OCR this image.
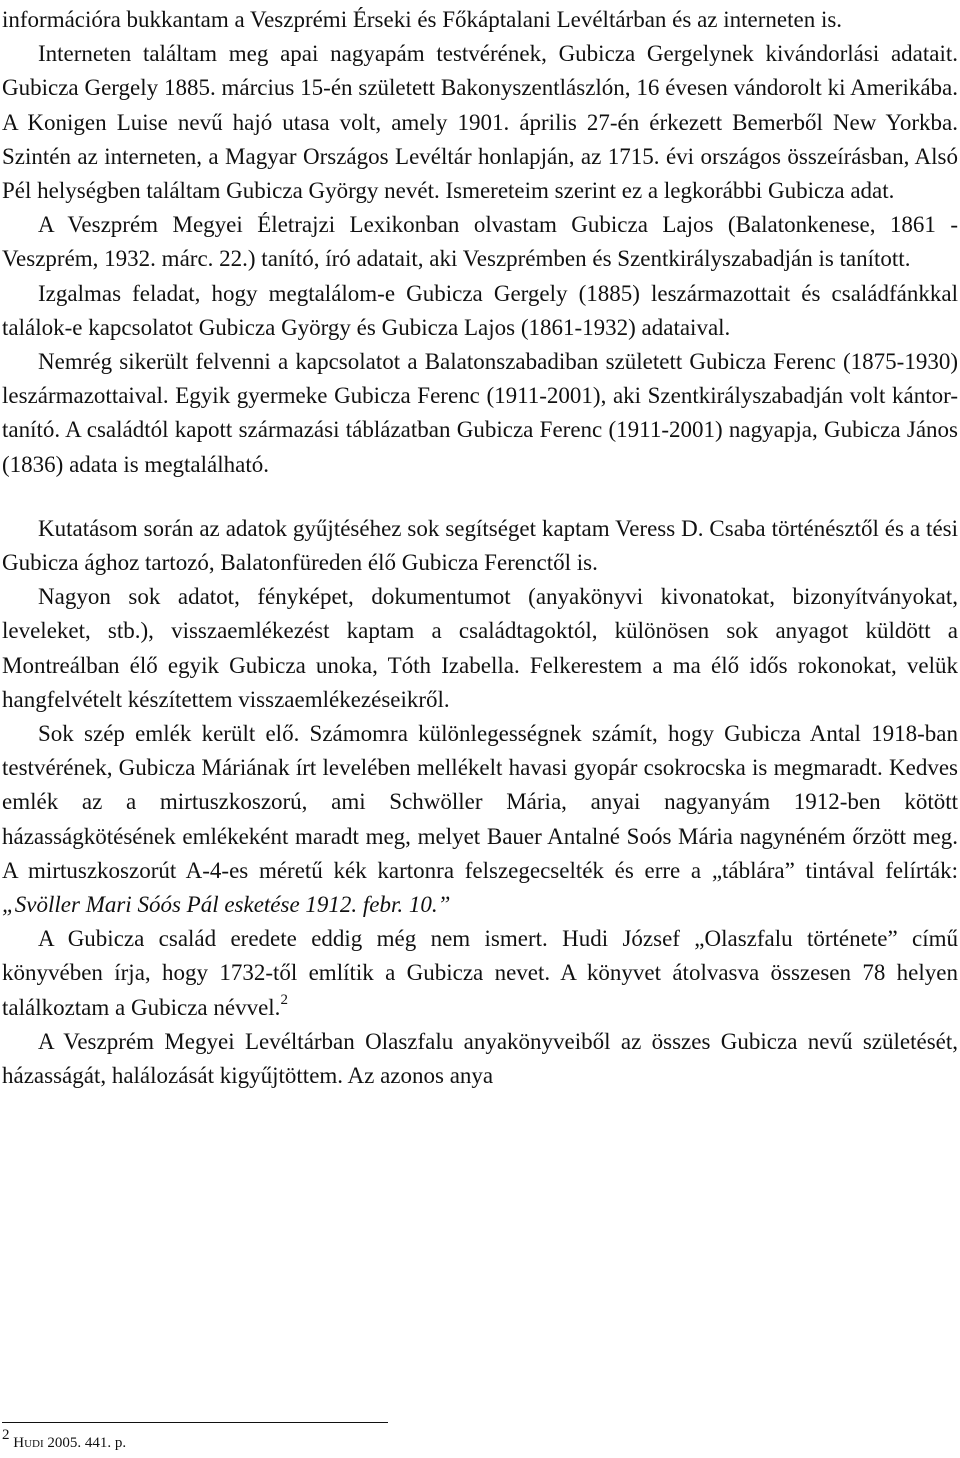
információra bukkantam a Veszprémi Érseki és Főkáptalani Levéltárban és az interneten is.

Interneten találtam meg apai nagyapám testvérének, Gubicza Gergelynek kivándorlási adatait. Gubicza Gergely 1885. március 15-én született Bakonyszentlászlón, 16 évesen vándorolt ki Amerikába. A Konigen Luise nevű hajó utasa volt, amely 1901. április 27-én érkezett Bemerből New Yorkba. Szintén az interneten, a Magyar Országos Levéltár honlapján, az 1715. évi országos összeírásban, Alsó Pél helységben találtam Gubicza György nevét. Ismereteim szerint ez a legkorábbi Gubicza adat.

A Veszprém Megyei Életrajzi Lexikonban olvastam Gubicza Lajos (Balatonkenese, 1861 - Veszprém, 1932. márc. 22.) tanító, író adatait, aki Veszprémben és Szentkirályszabadján is tanított.

Izgalmas feladat, hogy megtalálom-e Gubicza Gergely (1885) leszármazottait és családfánkkal találok-e kapcsolatot Gubicza György és Gubicza Lajos (1861-1932) adataival.

Nemrég sikerült felvenni a kapcsolatot a Balatonszabadiban született Gubicza Ferenc (1875-1930) leszármazottaival. Egyik gyermeke Gubicza Ferenc (1911-2001), aki Szentkirályszabadján volt kántor-tanító. A családtól kapott származási táblázatban Gubicza Ferenc (1911-2001) nagyapja, Gubicza János (1836) adata is megtalálható.

Kutatásom során az adatok gyűjtéséhez sok segítséget kaptam Veress D. Csaba történésztől és a tési Gubicza ághoz tartozó, Balatonfüreden élő Gubicza Ferenctől is.

Nagyon sok adatot, fényképet, dokumentumot (anyakönyvi kivonatokat, bizonyítványokat, leveleket, stb.), visszaemlékezést kaptam a családtagoktól, különösen sok anyagot küldött a Montreálban élő egyik Gubicza unoka, Tóth Izabella. Felkerestem a ma élő idős rokonokat, velük hangfelvételt készítettem visszaemlékezéseikről.

Sok szép emlék került elő. Számomra különlegességnek számít, hogy Gubicza Antal 1918-ban testvérének, Gubicza Máriának írt levelében mellékelt havasi gyopár csokrocska is megmaradt. Kedves emlék az a mirtuszkoszorú, ami Schwöller Mária, anyai nagyanyám 1912-ben kötött házasságkötésének emlékeként maradt meg, melyet Bauer Antalné Soós Mária nagynéném őrzött meg. A mirtuszkoszorút A-4-es méretű kék kartonra felszegecselték és erre a „táblára” tintával felírták: „Svöller Mari Sóós Pál esketése 1912. febr. 10.”

A Gubicza család eredete eddig még nem ismert. Hudi József „Olaszfalu története” című könyvében írja, hogy 1732-től említik a Gubicza nevet. A könyvet átolvasva összesen 78 helyen találkoztam a Gubicza névvel.$^2$

A Veszprém Megyei Levéltárban Olaszfalu anyakönyveiből az összes Gubicza nevű születését, házasságát, halálozását kigyűjtöttem. Az azonos anya

$^2$ Hudi 2005. 441. p.
